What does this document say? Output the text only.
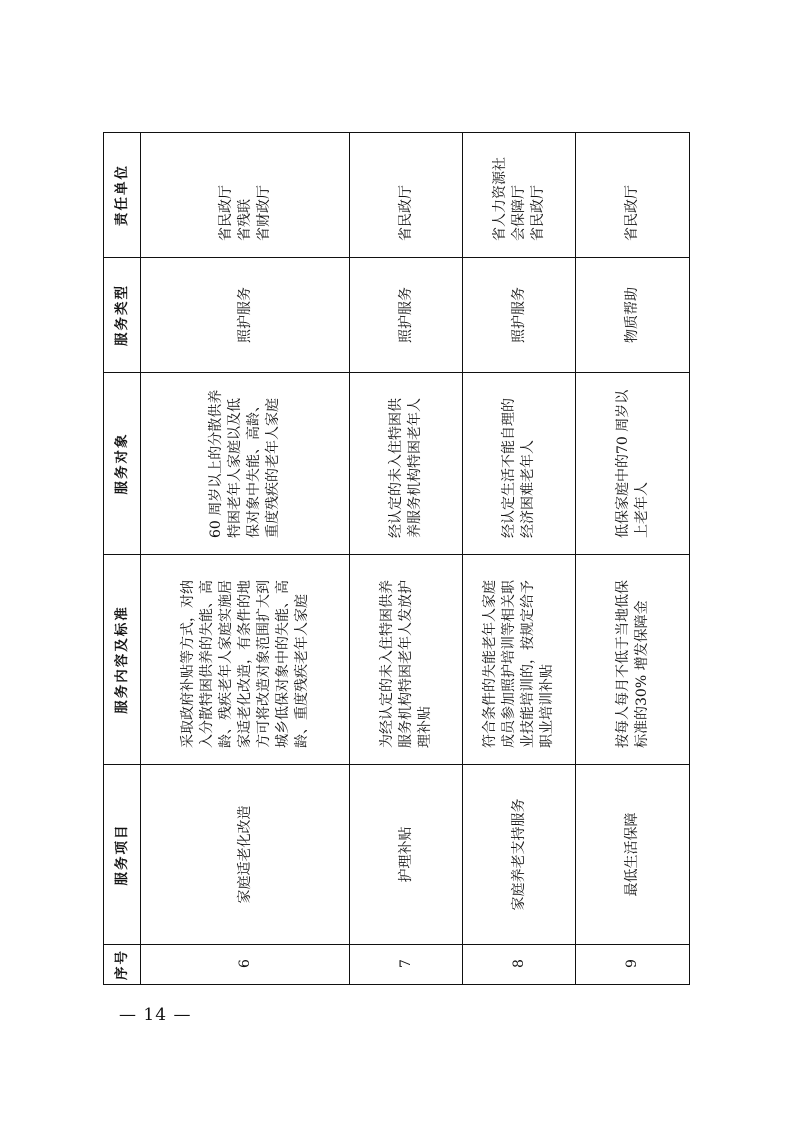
序号	服务项目	服务内容及标准	服务对象	服务类型	责任单位
6	家庭适老化改造	采取政府补贴等方式，对纳入分散特困供养的失能、高龄、残疾老年人家庭实施居家适老化改造，有条件的地方可将改造对象范围扩大到城乡低保对象中的失能、高龄、重度残疾老年人家庭	60 周岁以上的分散供养特困老年人家庭以及低保对象中失能、高龄、重度残疾的老年人家庭	照护服务	省民政厅 省残联 省财政厅

7	护理补贴	为经认定的未入住特困供养服务机构特困老年人发放护理补贴	经认定的未入住特困供养服务机构特困老年人	照护服务	省民政厅

8	家庭养老支持服务	符合条件的失能老年人家庭成员参加照护培训等相关职业技能培训的，按规定给予职业培训补贴	经认定生活不能自理的经济困难老年人	照护服务	省人力资源社会保障厅 省民政厅

9	最低生活保障	按每人每月不低于当地低保标准的30% 增发保障金	低保家庭中的70 周岁以上老年人	物质帮助	省民政厅
— 14 —
